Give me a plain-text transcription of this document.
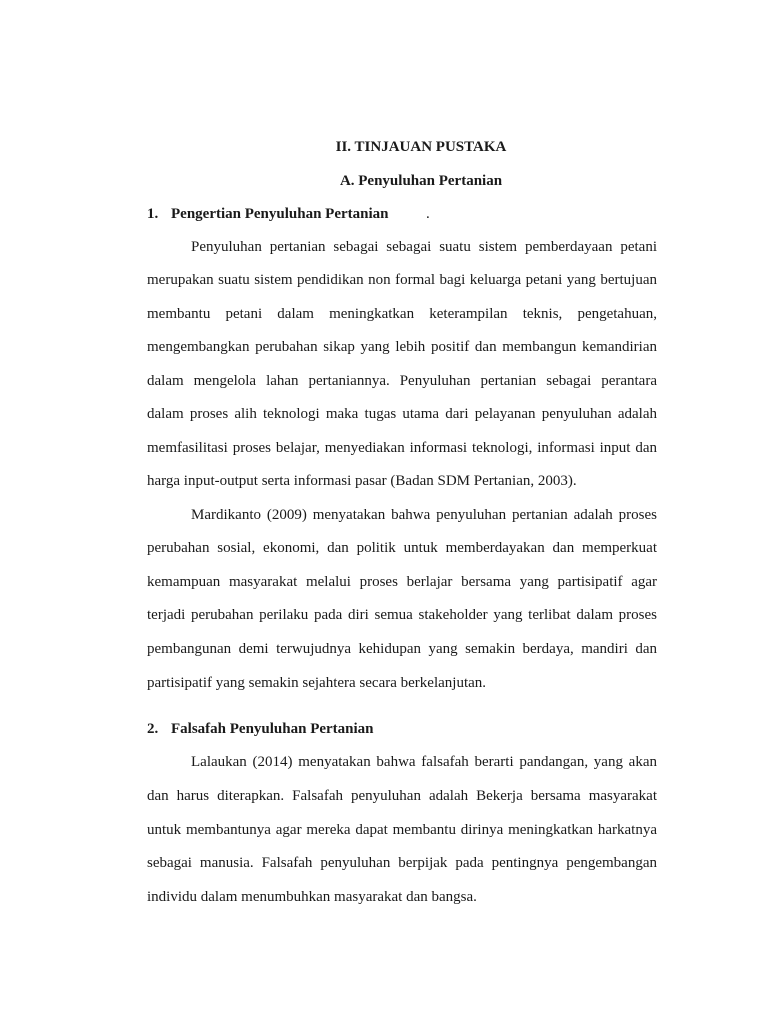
II. TINJAUAN PUSTAKA
A. Penyuluhan Pertanian
1. Pengertian Penyuluhan Pertanian .
Penyuluhan pertanian sebagai sebagai suatu sistem pemberdayaan petani
merupakan suatu sistem pendidikan non formal bagi keluarga petani yang bertujuan
membantu petani dalam meningkatkan keterampilan teknis, pengetahuan,
mengembangkan perubahan sikap yang lebih positif dan membangun kemandirian
dalam mengelola lahan pertaniannya. Penyuluhan pertanian sebagai perantara
dalam proses alih teknologi maka tugas utama dari pelayanan penyuluhan adalah
memfasilitasi proses belajar, menyediakan informasi teknologi, informasi input dan
harga input-output serta informasi pasar (Badan SDM Pertanian, 2003).
Mardikanto (2009) menyatakan bahwa penyuluhan pertanian adalah proses
perubahan sosial, ekonomi, dan politik untuk memberdayakan dan memperkuat
kemampuan masyarakat melalui proses berlajar bersama yang partisipatif agar
terjadi perubahan perilaku pada diri semua stakeholder yang terlibat dalam proses
pembangunan demi terwujudnya kehidupan yang semakin berdaya, mandiri dan
partisipatif yang semakin sejahtera secara berkelanjutan.
2. Falsafah Penyuluhan Pertanian
Lalaukan (2014) menyatakan bahwa falsafah berarti pandangan, yang akan
dan harus diterapkan. Falsafah penyuluhan adalah Bekerja bersama masyarakat
untuk membantunya agar mereka dapat membantu dirinya meningkatkan harkatnya
sebagai manusia. Falsafah penyuluhan berpijak pada pentingnya pengembangan
individu dalam menumbuhkan masyarakat dan bangsa.
